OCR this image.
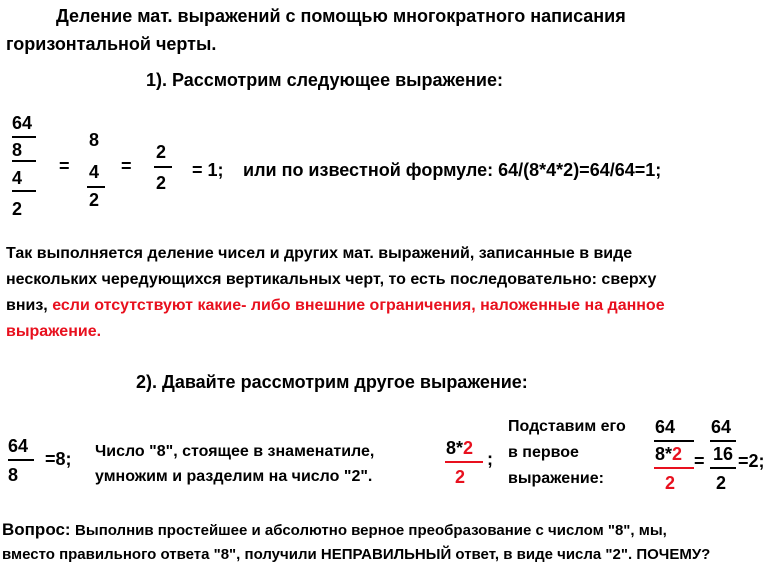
Деление мат. выражений с помощью многократного написания
горизонтальной черты.
1). Рассмотрим следующее выражение:
64
8
4
2
=
8
4
2
=
2
2
= 1; или по известной формуле: 64/(8*4*2)=64/64=1;
Так выполняется деление чисел и других мат. выражений, записанные в виде
нескольких чередующихся вертикальных черт, то есть последовательно: сверху
вниз, если отсутствуют какие- либо внешние ограничения, наложенные на данное
выражение.
2). Давайте рассмотрим другое выражение:
64
8
=8; Число "8", стоящее в знаменатиле,
умножим и разделим на число "2".
8*2
2
;
Подставим его
в первое
выражение:
64
8*2
2
=
64
16
2
=2;
Вопрос: Выполнив простейшее и абсолютно верное преобразование с числом "8", мы,
вместо правильного ответа "8", получили НЕПРАВИЛЬНЫЙ ответ, в виде числа "2". ПОЧЕМУ?
